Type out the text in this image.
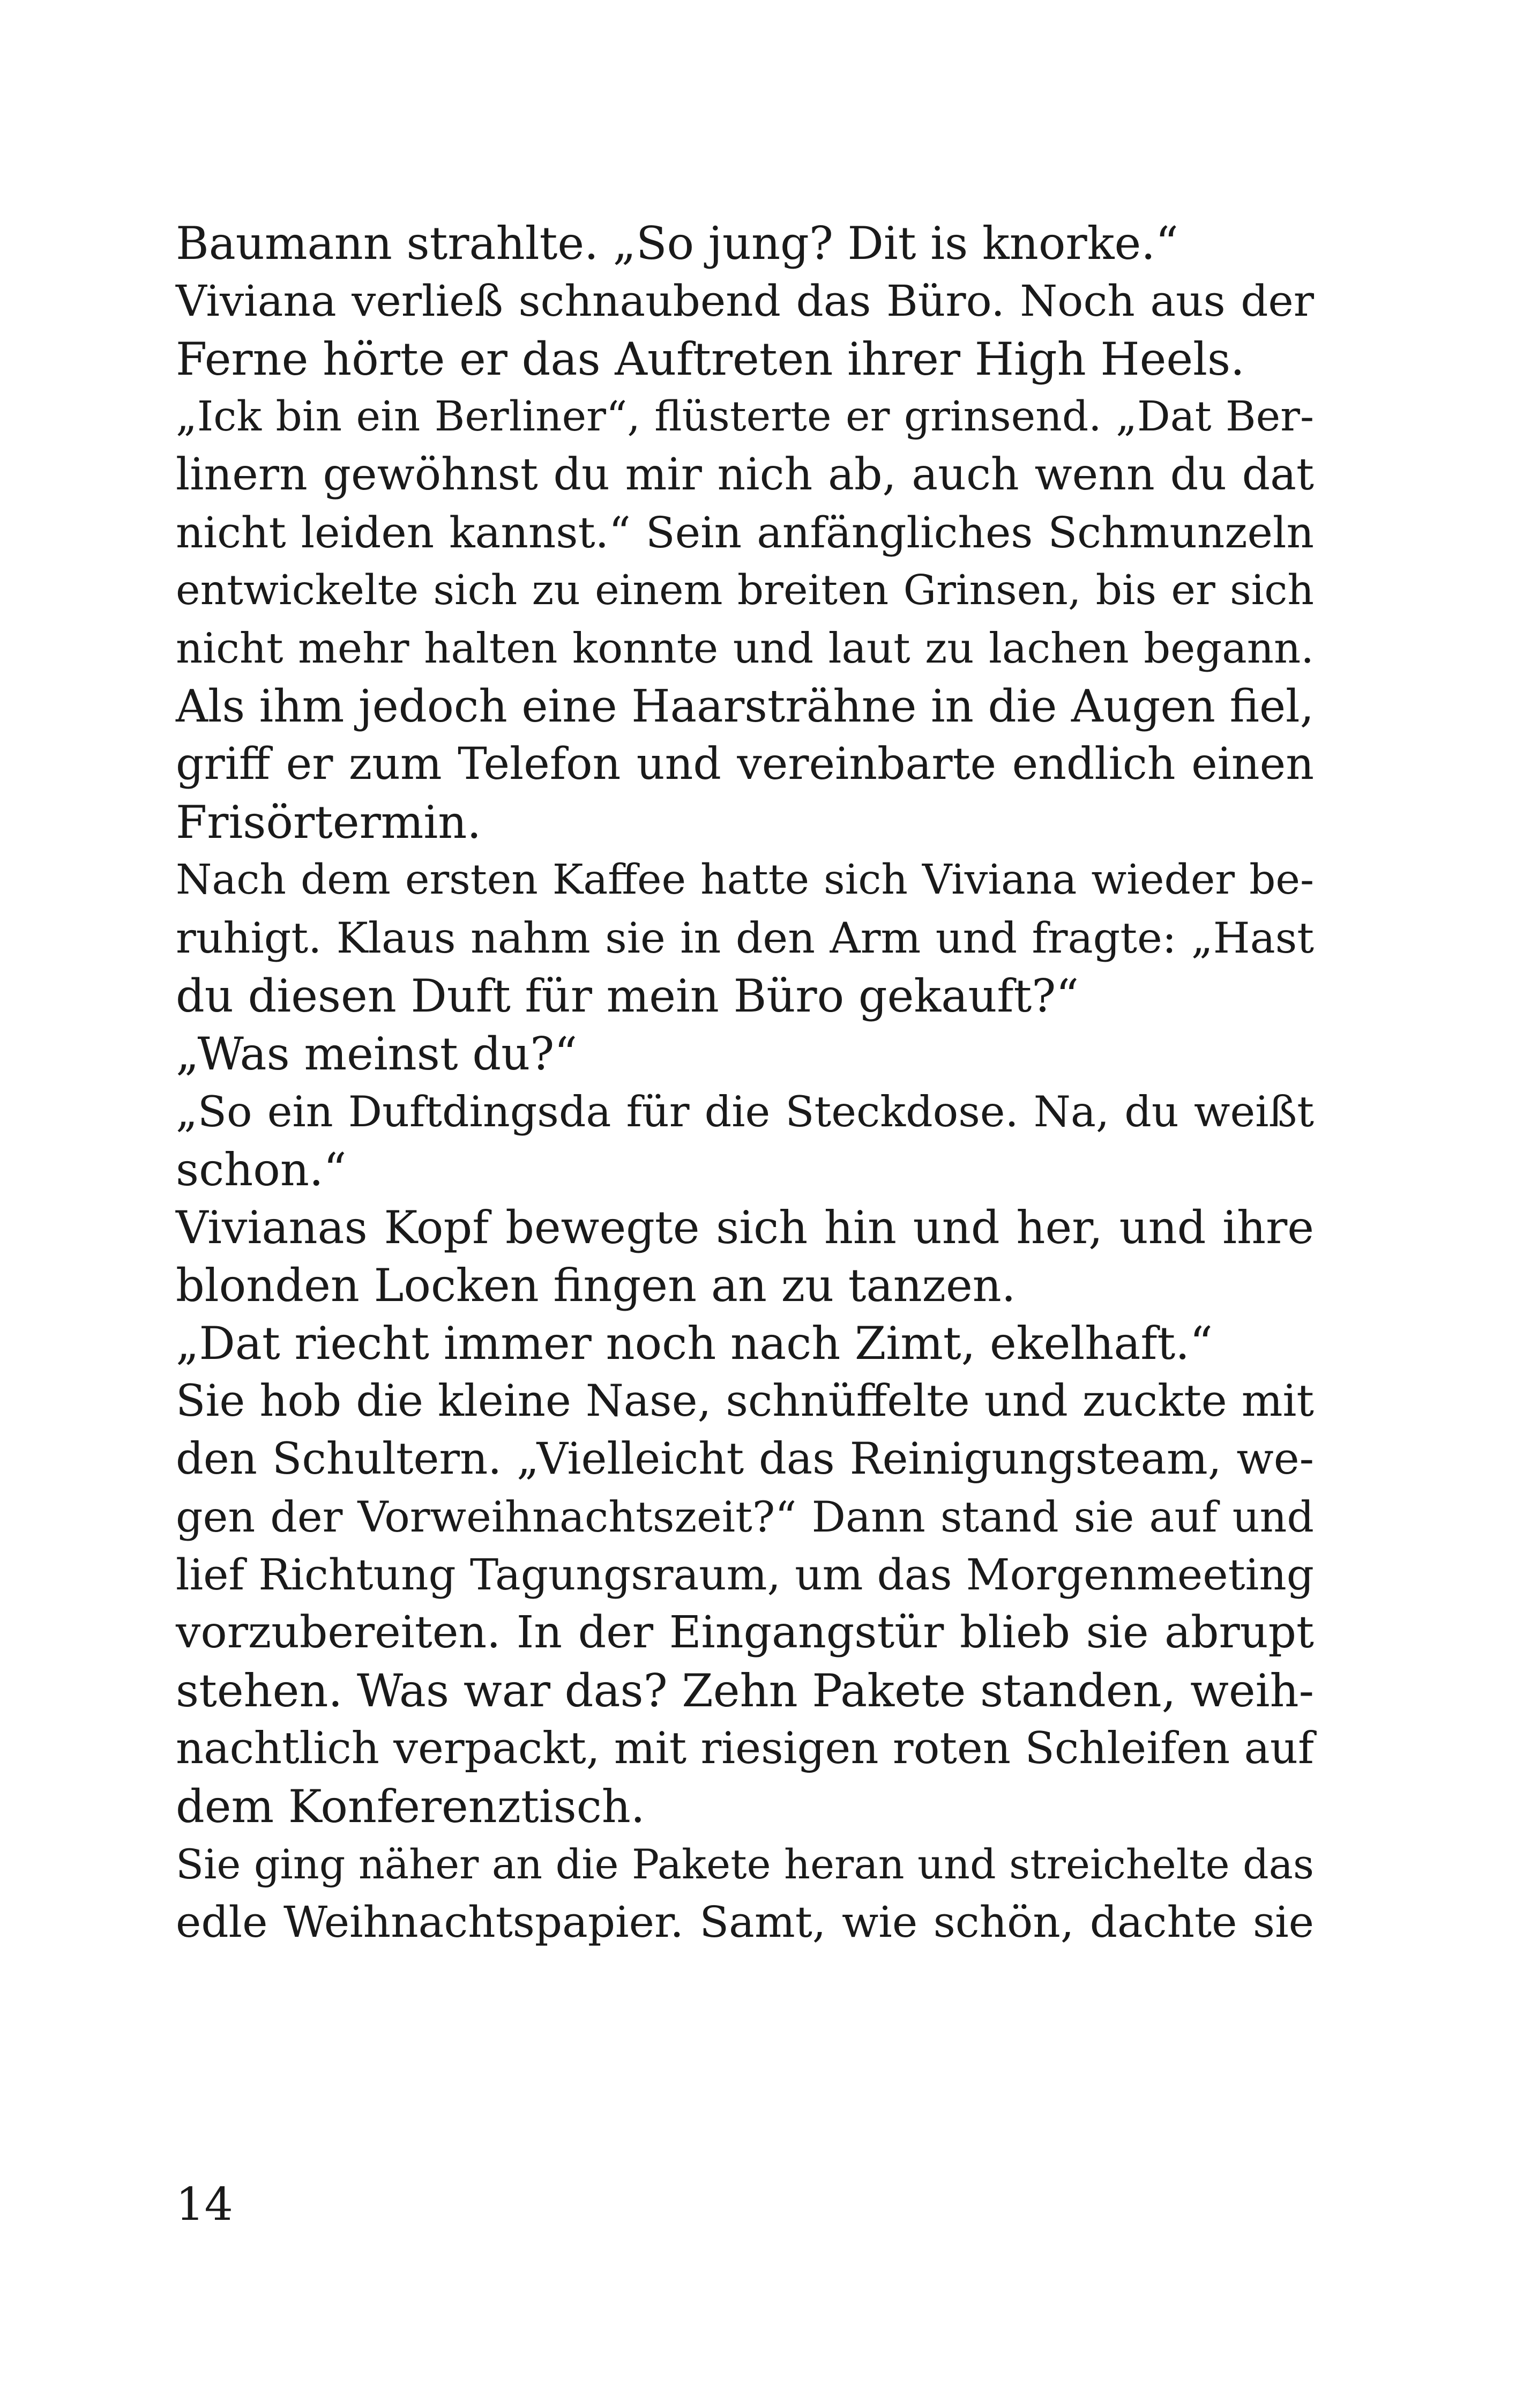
Baumann strahlte. „So jung? Dit is knorke.“
Viviana verließ schnaubend das Büro. Noch aus der
Ferne hörte er das Auftreten ihrer High Heels.
„Ick bin ein Berliner“, flüsterte er grinsend. „Dat Ber-
linern gewöhnst du mir nich ab, auch wenn du dat
nicht leiden kannst.“ Sein anfängliches Schmunzeln
entwickelte sich zu einem breiten Grinsen, bis er sich
nicht mehr halten konnte und laut zu lachen begann.
Als ihm jedoch eine Haarsträhne in die Augen fiel,
griff er zum Telefon und vereinbarte endlich einen
Frisörtermin.
Nach dem ersten Kaffee hatte sich Viviana wieder be-
ruhigt. Klaus nahm sie in den Arm und fragte: „Hast
du diesen Duft für mein Büro gekauft?“
„Was meinst du?“
„So ein Duftdingsda für die Steckdose. Na, du weißt
schon.“
Vivianas Kopf bewegte sich hin und her, und ihre
blonden Locken fingen an zu tanzen.
„Dat riecht immer noch nach Zimt, ekelhaft.“
Sie hob die kleine Nase, schnüffelte und zuckte mit
den Schultern. „Vielleicht das Reinigungsteam, we-
gen der Vorweihnachtszeit?“ Dann stand sie auf und
lief Richtung Tagungsraum, um das Morgenmeeting
vorzubereiten. In der Eingangstür blieb sie abrupt
stehen. Was war das? Zehn Pakete standen, weih-
nachtlich verpackt, mit riesigen roten Schleifen auf
dem Konferenztisch.
Sie ging näher an die Pakete heran und streichelte das
edle Weihnachtspapier. Samt, wie schön, dachte sie
14
